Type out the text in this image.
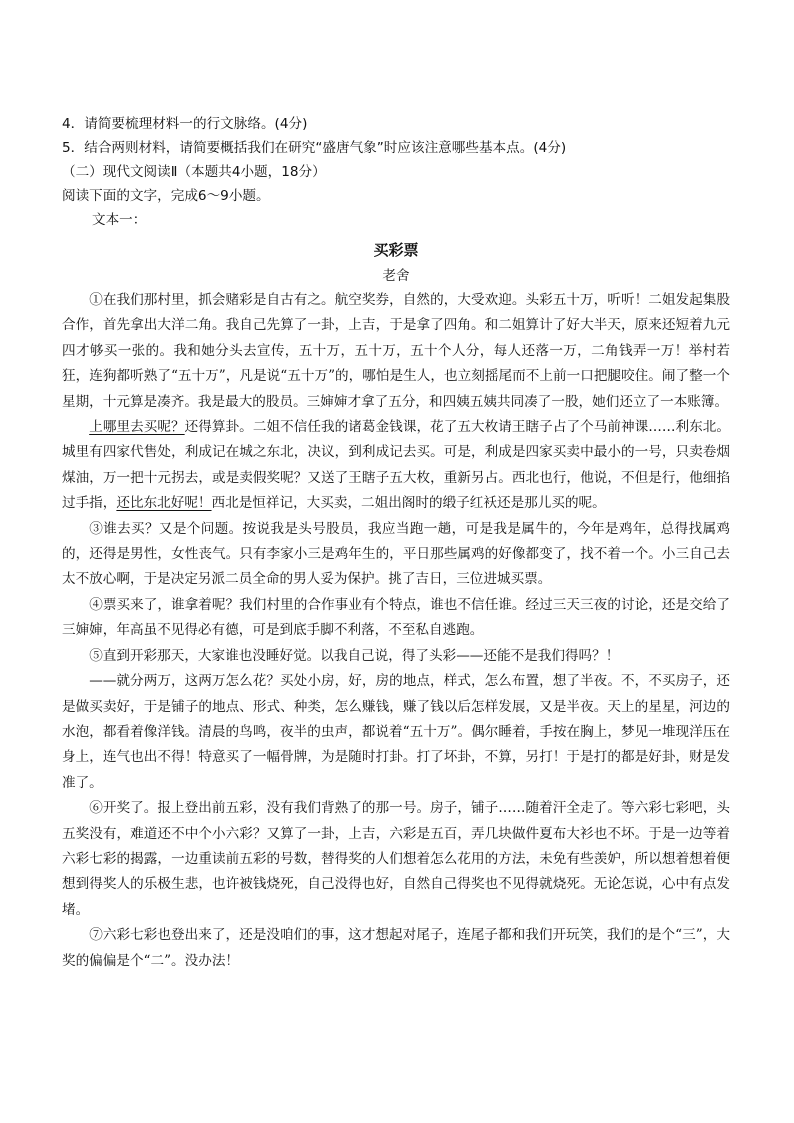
4．请简要梳理材料一的行文脉络。(4分)
5．结合两则材料，请简要概括我们在研究“盛唐气象”时应该注意哪些基本点。(4分)
（二）现代文阅读Ⅱ（本题共4小题，18分）
阅读下面的文字，完成6～9小题。
文本一：
买彩票
老舍

①在我们那村里，抓会赌彩是自古有之。航空奖券，自然的，大受欢迎。头彩五十万，听听！二姐发起集股合作，首先拿出大洋二角。我自己先算了一卦，上吉，于是拿了四角。和二姐算计了好大半天，原来还短着九元四才够买一张的。我和她分头去宣传，五十万，五十万，五十个人分，每人还落一万，二角钱弄一万！举村若狂，连狗都听熟了“五十万”，凡是说“五十万”的，哪怕是生人，也立刻摇尾而不上前一口把腿咬住。闹了整一个星期，十元算是凑齐。我是最大的股员。三婶婶才拿了五分，和四姨五姨共同凑了一股，她们还立了一本账簿。

上哪里去买呢？还得算卦。二姐不信任我的诸葛金钱课，花了五大枚请王瞎子占了个马前神课……利东北。城里有四家代售处，利成记在城之东北，决议，到利成记去买。可是，利成是四家买卖中最小的一号，只卖卷烟煤油，万一把十元拐去，或是卖假奖呢？又送了王瞎子五大枚，重新另占。西北也行，他说，不但是行，他细掐过手指，还比东北好呢！西北是恒祥记，大买卖，二姐出阁时的缎子红袄还是那儿买的呢。

③谁去买？又是个问题。按说我是头号股员，我应当跑一趟，可是我是属牛的，今年是鸡年，总得找属鸡的，还得是男性，女性丧气。只有李家小三是鸡年生的，平日那些属鸡的好像都变了，找不着一个。小三自己去太不放心啊，于是决定另派二员全命的男人妥为保护。挑了吉日，三位进城买票。

④票买来了，谁拿着呢？我们村里的合作事业有个特点，谁也不信任谁。经过三天三夜的讨论，还是交给了三婶婶，年高虽不见得必有德，可是到底手脚不利落，不至私自逃跑。

⑤直到开彩那天，大家谁也没睡好觉。以我自己说，得了头彩——还能不是我们得吗？！

——就分两万，这两万怎么花？买处小房，好，房的地点，样式，怎么布置，想了半夜。不，不买房子，还是做买卖好，于是铺子的地点、形式、种类，怎么赚钱，赚了钱以后怎样发展，又是半夜。天上的星星，河边的水泡，都看着像洋钱。清晨的鸟鸣，夜半的虫声，都说着“五十万”。偶尔睡着，手按在胸上，梦见一堆现洋压在身上，连气也出不得！特意买了一幅骨牌，为是随时打卦。打了坏卦，不算，另打！于是打的都是好卦，财是发准了。

⑥开奖了。报上登出前五彩，没有我们背熟了的那一号。房子，铺子……随着汗全走了。等六彩七彩吧，头五奖没有，难道还不中个小六彩？又算了一卦，上吉，六彩是五百，弄几块做件夏布大衫也不坏。于是一边等着六彩七彩的揭露，一边重读前五彩的号数，替得奖的人们想着怎么花用的方法，未免有些羡妒，所以想着想着便想到得奖人的乐极生悲，也许被钱烧死，自己没得也好，自然自己得奖也不见得就烧死。无论怎说，心中有点发堵。

⑦六彩七彩也登出来了，还是没咱们的事，这才想起对尾子，连尾子都和我们开玩笑，我们的是个“三”，大奖的偏偏是个“二”。没办法！
